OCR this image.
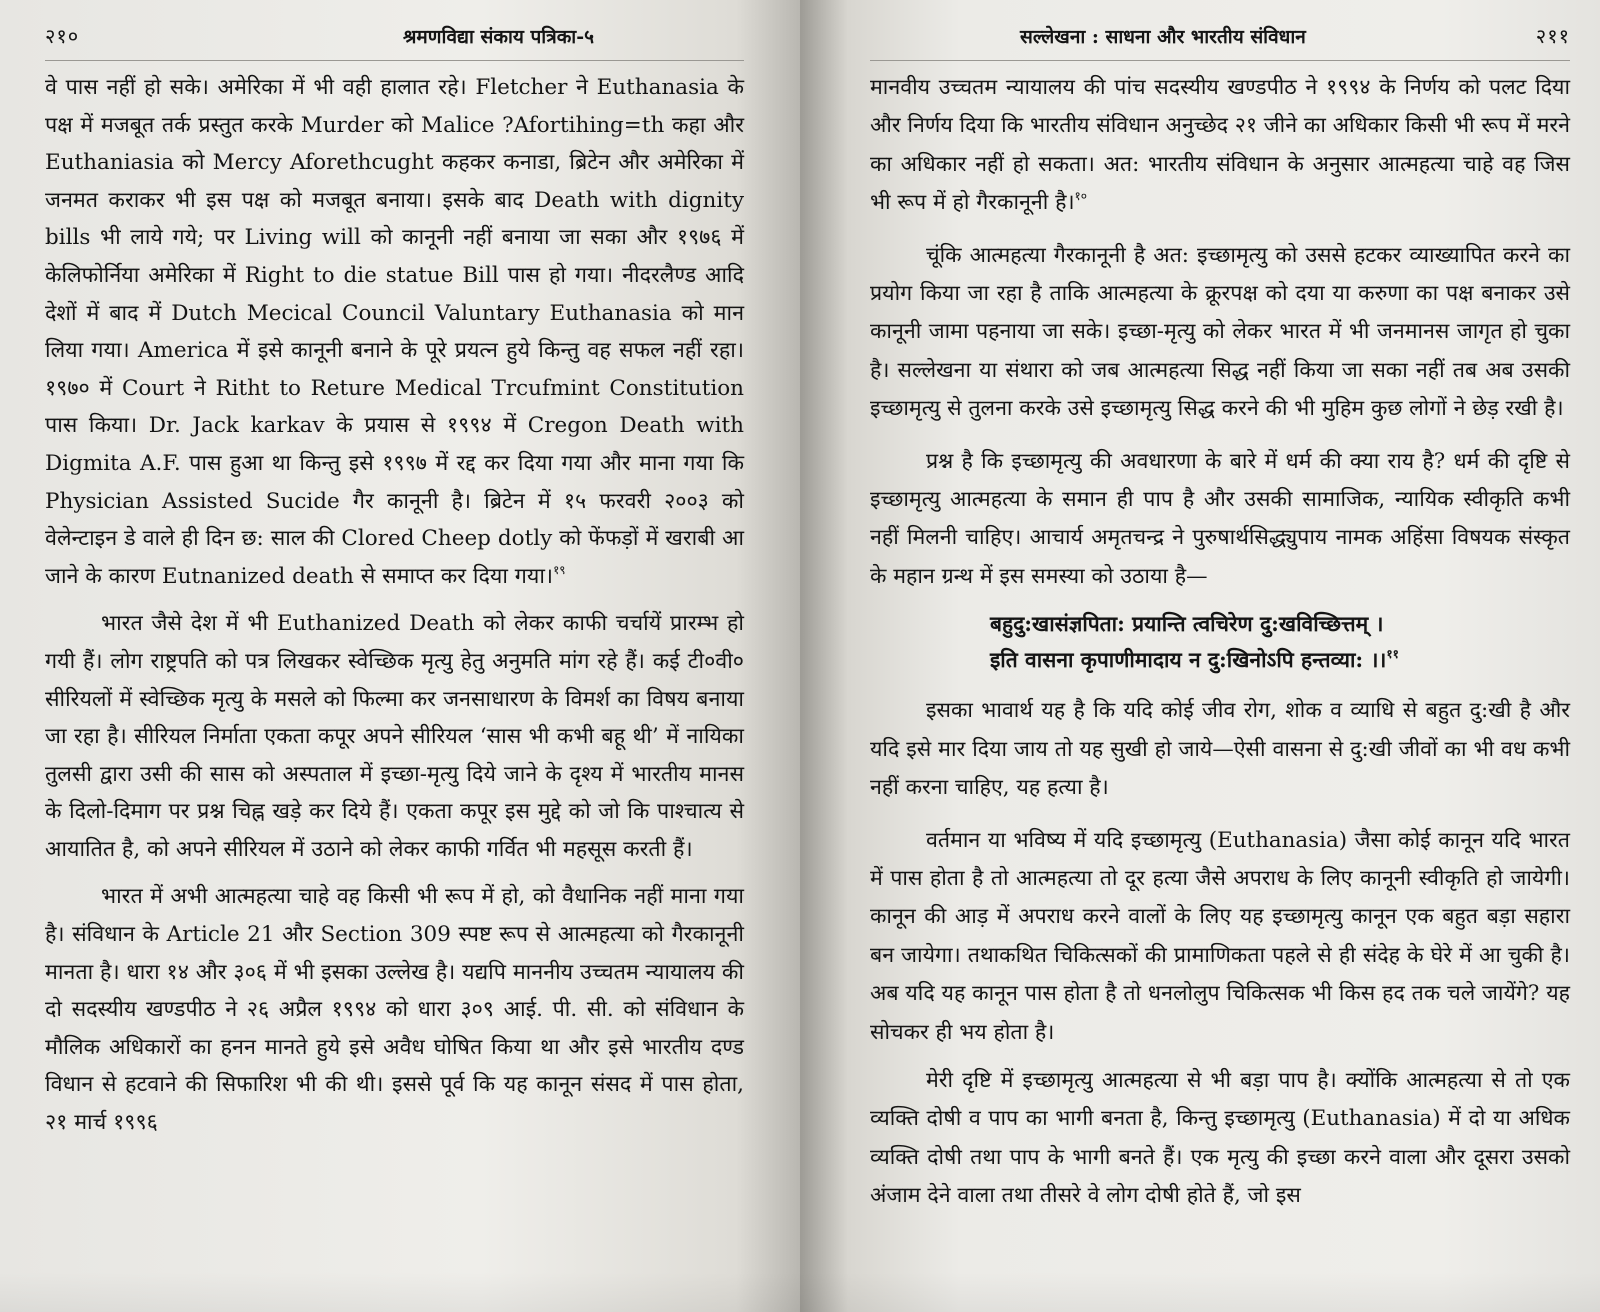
२१०	श्रमणविद्या संकाय पत्रिका-५

वे पास नहीं हो सके। अमेरिका में भी वही हालात रहे। Fletcher ने Euthanasia के पक्ष में मजबूत तर्क प्रस्तुत करके Murder को Malice ?Afortihing=th कहा और Euthaniasia को Mercy Aforethcught कहकर कनाडा, ब्रिटेन और अमेरिका में जनमत कराकर भी इस पक्ष को मजबूत बनाया। इसके बाद Death with dignity bills भी लाये गये; पर Living will को कानूनी नहीं बनाया जा सका और १९७६ में केलिफोर्निया अमेरिका में Right to die statue Bill पास हो गया। नीदरलैण्ड आदि देशों में बाद में Dutch Mecical Council Valuntary Euthanasia को मान लिया गया। America में इसे कानूनी बनाने के पूरे प्रयत्न हुये किन्तु वह सफल नहीं रहा। १९७० में Court ने Ritht to Reture Medical Trcufmint Constitution पास किया। Dr. Jack karkav के प्रयास से १९९४ में Cregon Death with Digmita A.F. पास हुआ था किन्तु इसे १९९७ में रद्द कर दिया गया और माना गया कि Physician Assisted Sucide गैर कानूनी है। ब्रिटेन में १५ फरवरी २००३ को वेलेन्टाइन डे वाले ही दिन छ: साल की Clored Cheep dotly को फेंफड़ों में खराबी आ जाने के कारण Eutnanized death से समाप्त कर दिया गया।$^{१९}$

भारत जैसे देश में भी Euthanized Death को लेकर काफी चर्चायें प्रारम्भ हो गयी हैं। लोग राष्ट्रपति को पत्र लिखकर स्वेच्छिक मृत्यु हेतु अनुमति मांग रहे हैं। कई टी०वी० सीरियलों में स्वेच्छिक मृत्यु के मसले को फिल्मा कर जनसाधारण के विमर्श का विषय बनाया जा रहा है। सीरियल निर्माता एकता कपूर अपने सीरियल ‘सास भी कभी बहू थी’ में नायिका तुलसी द्वारा उसी की सास को अस्पताल में इच्छा-मृत्यु दिये जाने के दृश्य में भारतीय मानस के दिलो-दिमाग पर प्रश्न चिह्न खड़े कर दिये हैं। एकता कपूर इस मुद्दे को जो कि पाश्चात्य से आयातित है, को अपने सीरियल में उठाने को लेकर काफी गर्वित भी महसूस करती हैं।

भारत में अभी आत्महत्या चाहे वह किसी भी रूप में हो, को वैधानिक नहीं माना गया है। संविधान के Article 21 और Section 309 स्पष्ट रूप से आत्महत्या को गैरकानूनी मानता है। धारा १४ और ३०६ में भी इसका उल्लेख है। यद्यपि माननीय उच्चतम न्यायालय की दो सदस्यीय खण्डपीठ ने २६ अप्रैल १९९४ को धारा ३०९ आई. पी. सी. को संविधान के मौलिक अधिकारों का हनन मानते हुये इसे अवैध घोषित किया था और इसे भारतीय दण्ड विधान से हटवाने की सिफारिश भी की थी। इससे पूर्व कि यह कानून संसद में पास होता, २१ मार्च १९९६

सल्लेखना : साधना और भारतीय संविधान	२११

मानवीय उच्चतम न्यायालय की पांच सदस्यीय खण्डपीठ ने १९९४ के निर्णय को पलट दिया और निर्णय दिया कि भारतीय संविधान अनुच्छेद २१ जीने का अधिकार किसी भी रूप में मरने का अधिकार नहीं हो सकता। अत: भारतीय संविधान के अनुसार आत्महत्या चाहे वह जिस भी रूप में हो गैरकानूनी है।$^{१०}$

चूंकि आत्महत्या गैरकानूनी है अत: इच्छामृत्यु को उससे हटकर व्याख्यापित करने का प्रयोग किया जा रहा है ताकि आत्महत्या के क्रूरपक्ष को दया या करुणा का पक्ष बनाकर उसे कानूनी जामा पहनाया जा सके। इच्छा-मृत्यु को लेकर भारत में भी जनमानस जागृत हो चुका है। सल्लेखना या संथारा को जब आत्महत्या सिद्ध नहीं किया जा सका नहीं तब अब उसकी इच्छामृत्यु से तुलना करके उसे इच्छामृत्यु सिद्ध करने की भी मुहिम कुछ लोगों ने छेड़ रखी है।

प्रश्न है कि इच्छामृत्यु की अवधारणा के बारे में धर्म की क्या राय है? धर्म की दृष्टि से इच्छामृत्यु आत्महत्या के समान ही पाप है और उसकी सामाजिक, न्यायिक स्वीकृति कभी नहीं मिलनी चाहिए। आचार्य अमृतचन्द्र ने पुरुषार्थसिद्ध्युपाय नामक अहिंसा विषयक संस्कृत के महान ग्रन्थ में इस समस्या को उठाया है—

बहुदु:खासंज्ञपिता: प्रयान्ति त्वचिरेण दु:खविच्छित्तम् ।
इति वासना कृपाणीमादाय न दु:खिनोऽपि हन्तव्या: ।।$^{११}$

इसका भावार्थ यह है कि यदि कोई जीव रोग, शोक व व्याधि से बहुत दु:खी है और यदि इसे मार दिया जाय तो यह सुखी हो जाये—ऐसी वासना से दु:खी जीवों का भी वध कभी नहीं करना चाहिए, यह हत्या है।

वर्तमान या भविष्य में यदि इच्छामृत्यु (Euthanasia) जैसा कोई कानून यदि भारत में पास होता है तो आत्महत्या तो दूर हत्या जैसे अपराध के लिए कानूनी स्वीकृति हो जायेगी। कानून की आड़ में अपराध करने वालों के लिए यह इच्छामृत्यु कानून एक बहुत बड़ा सहारा बन जायेगा। तथाकथित चिकित्सकों की प्रामाणिकता पहले से ही संदेह के घेरे में आ चुकी है। अब यदि यह कानून पास होता है तो धनलोलुप चिकित्सक भी किस हद तक चले जायेंगे? यह सोचकर ही भय होता है।

मेरी दृष्टि में इच्छामृत्यु आत्महत्या से भी बड़ा पाप है। क्योंकि आत्महत्या से तो एक व्यक्ति दोषी व पाप का भागी बनता है, किन्तु इच्छामृत्यु (Euthanasia) में दो या अधिक व्यक्ति दोषी तथा पाप के भागी बनते हैं। एक मृत्यु की इच्छा करने वाला और दूसरा उसको अंजाम देने वाला तथा तीसरे वे लोग दोषी होते हैं, जो इस
